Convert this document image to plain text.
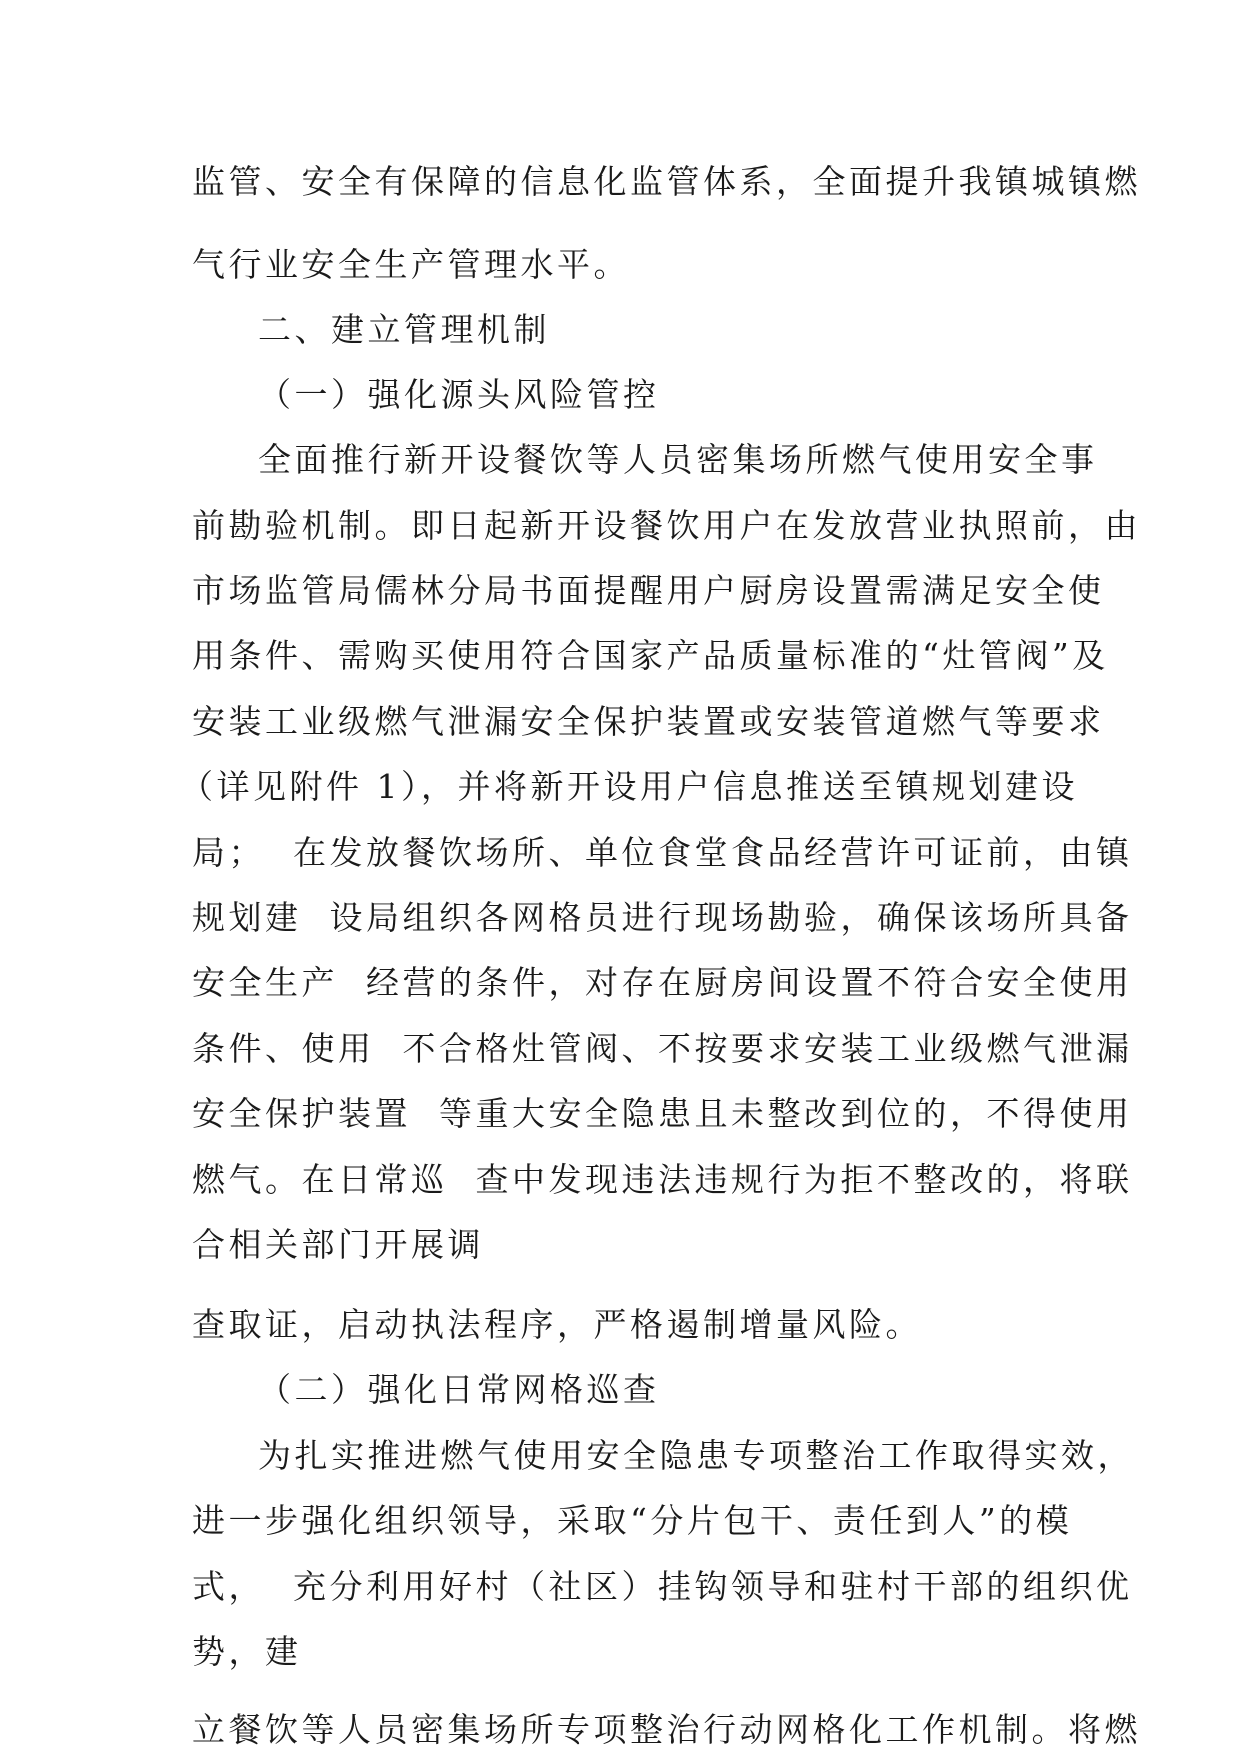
监管、安全有保障的信息化监管体系，全面提升我镇城镇燃
气行业安全生产管理水平。
二、建立管理机制
（一）强化源头风险管控
全面推行新开设餐饮等人员密集场所燃气使用安全事
前勘验机制。即日起新开设餐饮用户在发放营业执照前，由
市场监管局儒林分局书面提醒用户厨房设置需满足安全使
用条件、需购买使用符合国家产品质量标准的“灶管阀”及
安装工业级燃气泄漏安全保护装置或安装管道燃气等要求
（详见附件 1），并将新开设用户信息推送至镇规划建设
局；  在发放餐饮场所、单位食堂食品经营许可证前，由镇
规划建  设局组织各网格员进行现场勘验，确保该场所具备
安全生产  经营的条件，对存在厨房间设置不符合安全使用
条件、使用  不合格灶管阀、不按要求安装工业级燃气泄漏
安全保护装置  等重大安全隐患且未整改到位的，不得使用
燃气。在日常巡  查中发现违法违规行为拒不整改的，将联
合相关部门开展调
查取证，启动执法程序，严格遏制增量风险。
（二）强化日常网格巡查
为扎实推进燃气使用安全隐患专项整治工作取得实效，
进一步强化组织领导，采取“分片包干、责任到人”的模
式，  充分利用好村（社区）挂钩领导和驻村干部的组织优
势，建
立餐饮等人员密集场所专项整治行动网格化工作机制。将燃
